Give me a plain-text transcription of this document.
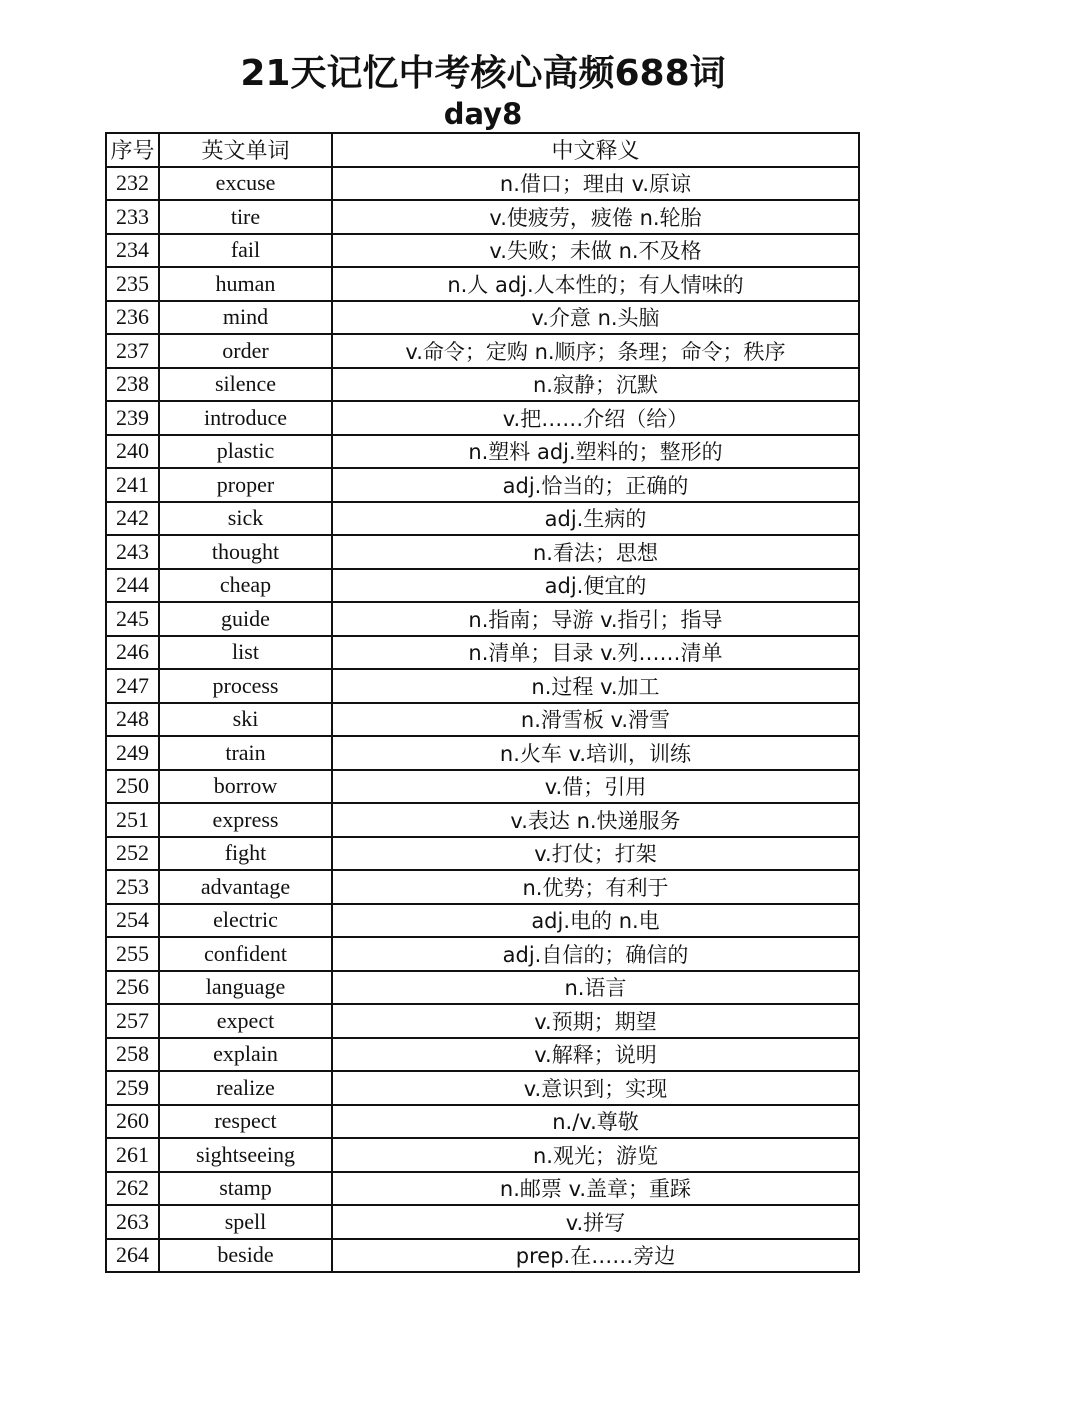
21天记忆中考核心高频688词
day8
序号	英文单词	中文释义
232	excuse	n.借口；理由 v.原谅
233	tire	v.使疲劳，疲倦 n.轮胎
234	fail	v.失败；未做 n.不及格
235	human	n.人 adj.人本性的；有人情味的
236	mind	v.介意 n.头脑
237	order	v.命令；定购 n.顺序；条理；命令；秩序
238	silence	n.寂静；沉默
239	introduce	v.把……介绍（给）
240	plastic	n.塑料 adj.塑料的；整形的
241	proper	adj.恰当的；正确的
242	sick	adj.生病的
243	thought	n.看法；思想
244	cheap	adj.便宜的
245	guide	n.指南；导游 v.指引；指导
246	list	n.清单；目录 v.列……清单
247	process	n.过程 v.加工
248	ski	n.滑雪板 v.滑雪
249	train	n.火车 v.培训，训练
250	borrow	v.借；引用
251	express	v.表达 n.快递服务
252	fight	v.打仗；打架
253	advantage	n.优势；有利于
254	electric	adj.电的 n.电
255	confident	adj.自信的；确信的
256	language	n.语言
257	expect	v.预期；期望
258	explain	v.解释；说明
259	realize	v.意识到；实现
260	respect	n./v.尊敬
261	sightseeing	n.观光；游览
262	stamp	n.邮票 v.盖章；重踩
263	spell	v.拼写
264	beside	prep.在……旁边
